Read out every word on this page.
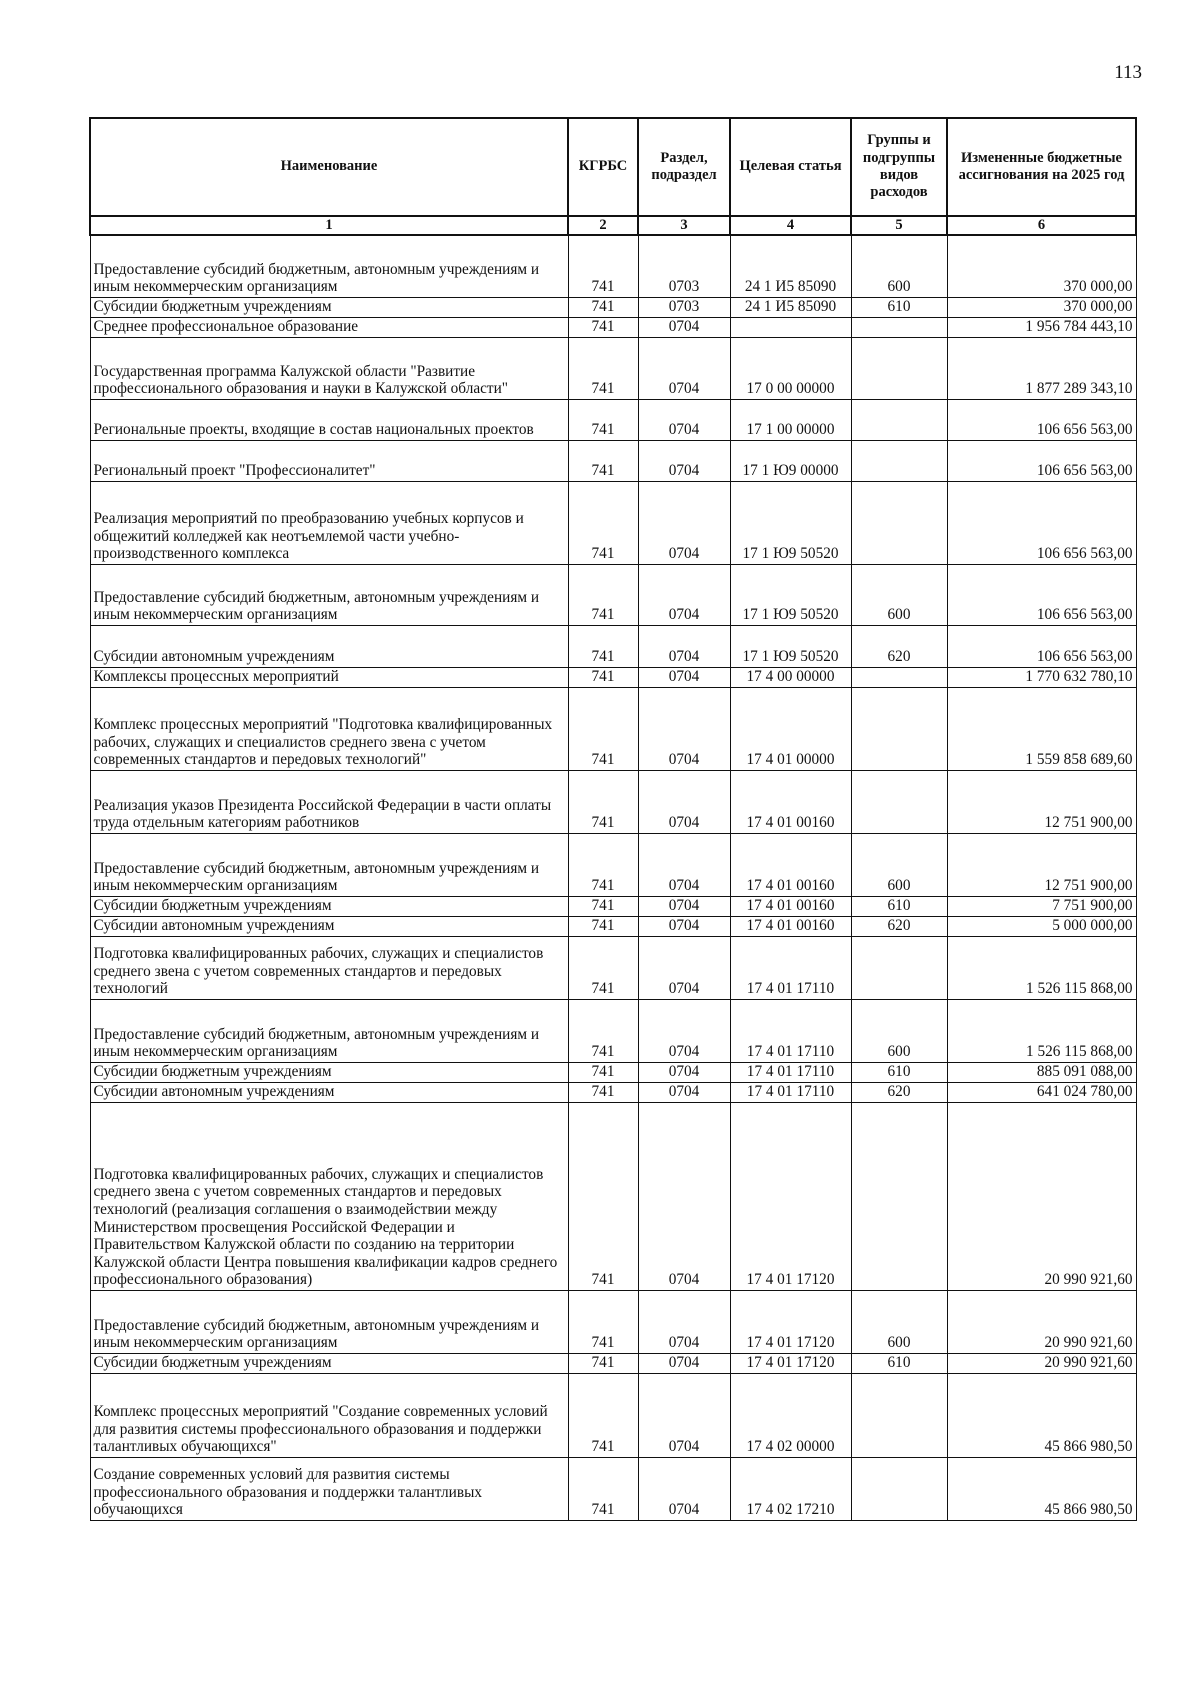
113
Наименование	КГРБС	Раздел, подраздел	Целевая статья	Группы и подгруппы видов расходов	Измененные бюджетные ассигнования на 2025 год
1	2	3	4	5	6
Предоставление субсидий бюджетным, автономным учреждениям и иным некоммерческим организациям	741	0703	24 1 И5 85090	600	370 000,00
Субсидии бюджетным учреждениям	741	0703	24 1 И5 85090	610	370 000,00
Среднее профессиональное образование	741	0704			1 956 784 443,10
Государственная программа Калужской области "Развитие профессионального образования и науки в Калужской области"	741	0704	17 0 00 00000		1 877 289 343,10
Региональные проекты, входящие в состав национальных проектов	741	0704	17 1 00 00000		106 656 563,00
Региональный проект "Профессионалитет"	741	0704	17 1 Ю9 00000		106 656 563,00
Реализация мероприятий по преобразованию учебных корпусов и общежитий колледжей как неотъемлемой части учебно-производственного комплекса	741	0704	17 1 Ю9 50520		106 656 563,00
Предоставление субсидий бюджетным, автономным учреждениям и иным некоммерческим организациям	741	0704	17 1 Ю9 50520	600	106 656 563,00
Субсидии автономным учреждениям	741	0704	17 1 Ю9 50520	620	106 656 563,00
Комплексы процессных мероприятий	741	0704	17 4 00 00000		1 770 632 780,10
Комплекс процессных мероприятий "Подготовка квалифицированных рабочих, служащих и специалистов среднего звена с учетом современных стандартов и передовых технологий"	741	0704	17 4 01 00000		1 559 858 689,60
Реализация указов Президента Российской Федерации в части оплаты труда отдельным категориям работников	741	0704	17 4 01 00160		12 751 900,00
Предоставление субсидий бюджетным, автономным учреждениям и иным некоммерческим организациям	741	0704	17 4 01 00160	600	12 751 900,00
Субсидии бюджетным учреждениям	741	0704	17 4 01 00160	610	7 751 900,00
Субсидии автономным учреждениям	741	0704	17 4 01 00160	620	5 000 000,00
Подготовка квалифицированных рабочих, служащих и специалистов среднего звена с учетом современных стандартов и передовых технологий	741	0704	17 4 01 17110		1 526 115 868,00
Предоставление субсидий бюджетным, автономным учреждениям и иным некоммерческим организациям	741	0704	17 4 01 17110	600	1 526 115 868,00
Субсидии бюджетным учреждениям	741	0704	17 4 01 17110	610	885 091 088,00
Субсидии автономным учреждениям	741	0704	17 4 01 17110	620	641 024 780,00
Подготовка квалифицированных рабочих, служащих и специалистов среднего звена с учетом современных стандартов и передовых технологий (реализация соглашения о взаимодействии между Министерством просвещения Российской Федерации и Правительством Калужской области по созданию на территории Калужской области Центра повышения квалификации кадров среднего профессионального образования)	741	0704	17 4 01 17120		20 990 921,60
Предоставление субсидий бюджетным, автономным учреждениям и иным некоммерческим организациям	741	0704	17 4 01 17120	600	20 990 921,60
Субсидии бюджетным учреждениям	741	0704	17 4 01 17120	610	20 990 921,60
Комплекс процессных мероприятий "Создание современных условий для развития системы профессионального образования и поддержки талантливых обучающихся"	741	0704	17 4 02 00000		45 866 980,50
Создание современных условий для развития системы профессионального образования и поддержки талантливых обучающихся	741	0704	17 4 02 17210		45 866 980,50
